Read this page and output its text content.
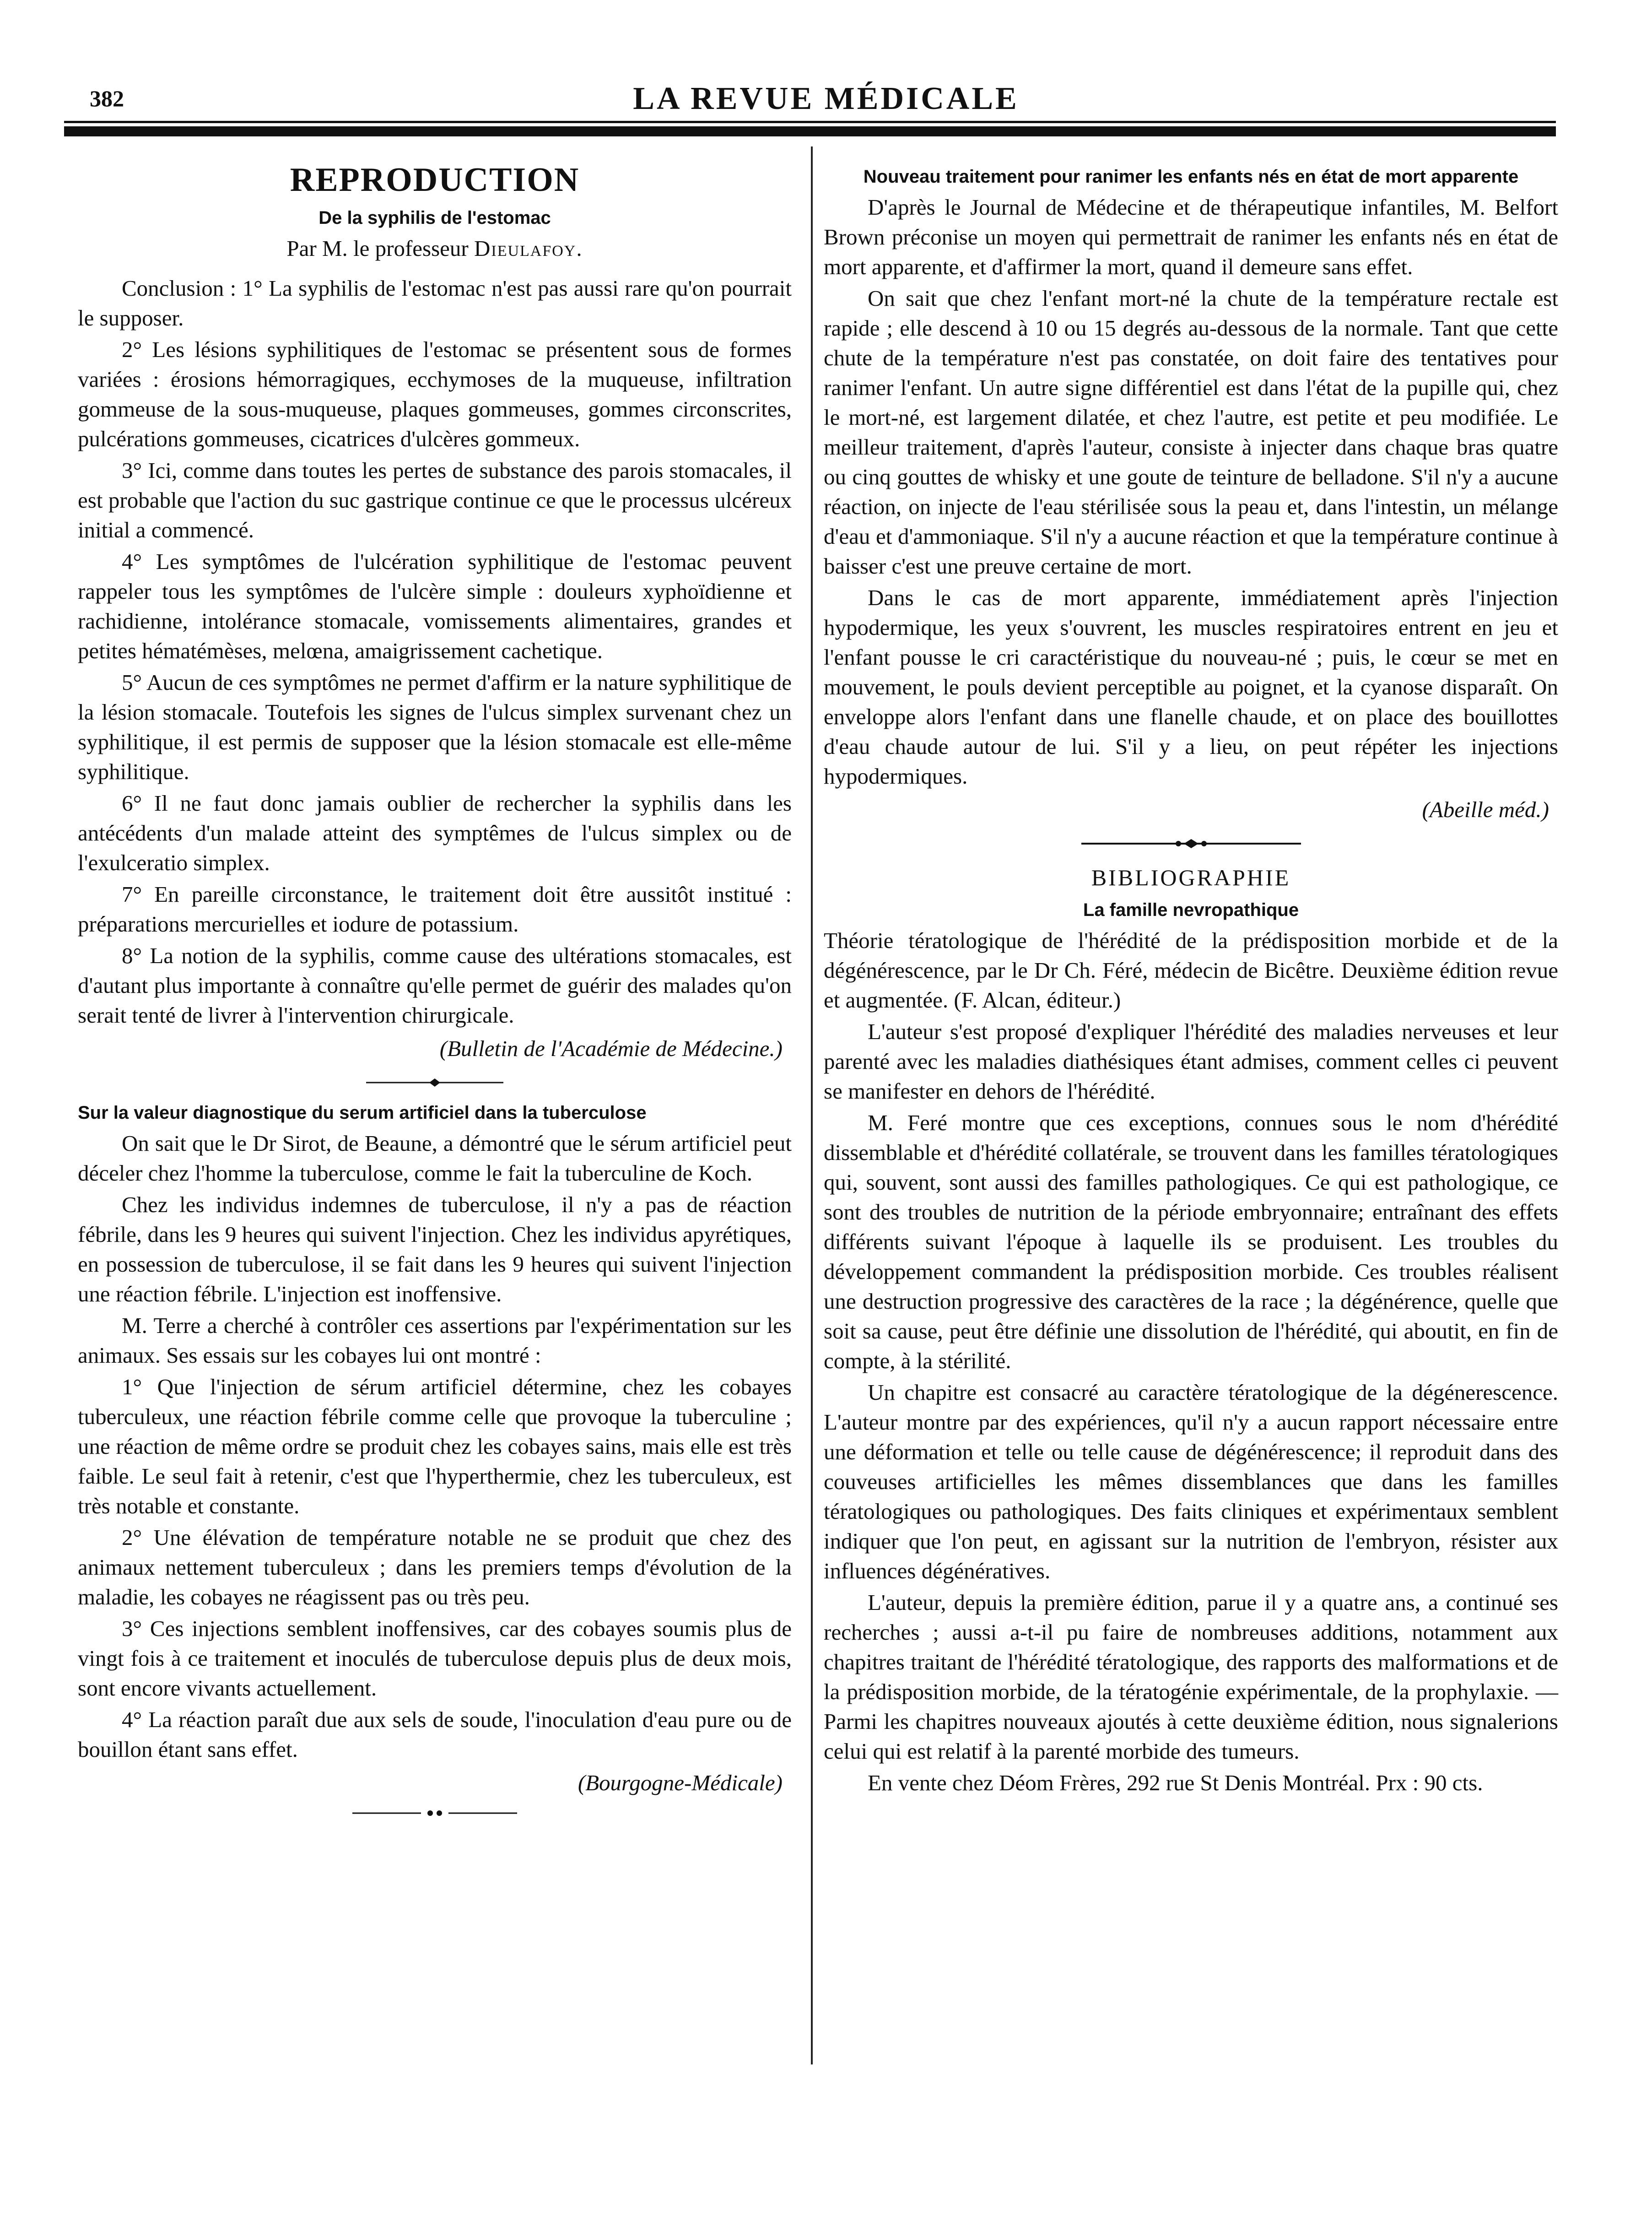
382	LA REVUE MÉDICALE
REPRODUCTION
De la syphilis de l'estomac
Par M. le professeur Dieulafoy.

Conclusion : 1° La syphilis de l'estomac n'est pas aussi rare qu'on pourrait le supposer.

2° Les lésions syphilitiques de l'estomac se présentent sous de formes variées : érosions hémorragiques, ecchymoses de la muqueuse, infiltration gommeuse de la sous-muqueuse, plaques gommeuses, gommes circonscrites, pulcérations gommeuses, cicatrices d'ulcères gommeux.

3° Ici, comme dans toutes les pertes de substance des parois stomacales, il est probable que l'action du suc gastrique continue ce que le processus ulcéreux initial a commencé.

4° Les symptômes de l'ulcération syphilitique de l'estomac peuvent rappeler tous les symptômes de l'ulcère simple : douleurs xyphoïdienne et rachidienne, intolérance stomacale, vomissements alimentaires, grandes et petites hématémèses, melœna, amaigrissement cachetique.

5° Aucun de ces symptômes ne permet d'affirm er la nature syphilitique de la lésion stomacale. Toutefois les signes de l'ulcus simplex survenant chez un syphilitique, il est permis de supposer que la lésion stomacale est elle-même syphilitique.

6° Il ne faut donc jamais oublier de rechercher la syphilis dans les antécédents d'un malade atteint des symptêmes de l'ulcus simplex ou de l'exulceratio simplex.

7° En pareille circonstance, le traitement doit être aussitôt institué : préparations mercurielles et iodure de potassium.

8° La notion de la syphilis, comme cause des ultérations stomacales, est d'autant plus importante à connaître qu'elle permet de guérir des malades qu'on serait tenté de livrer à l'intervention chirurgicale.

(Bulletin de l'Académie de Médecine.)
Sur la valeur diagnostique du serum artificiel dans la tuberculose

On sait que le Dr Sirot, de Beaune, a démontré que le sérum artificiel peut déceler chez l'homme la tuberculose, comme le fait la tuberculine de Koch.

Chez les individus indemnes de tuberculose, il n'y a pas de réaction fébrile, dans les 9 heures qui suivent l'injection. Chez les individus apyrétiques, en possession de tuberculose, il se fait dans les 9 heures qui suivent l'injection une réaction fébrile. L'injection est inoffensive.

M. Terre a cherché à contrôler ces assertions par l'expérimentation sur les animaux. Ses essais sur les cobayes lui ont montré :

1° Que l'injection de sérum artificiel détermine, chez les cobayes tuberculeux, une réaction fébrile comme celle que provoque la tuberculine ; une réaction de même ordre se produit chez les cobayes sains, mais elle est très faible. Le seul fait à retenir, c'est que l'hyperthermie, chez les tuberculeux, est très notable et constante.

2° Une élévation de température notable ne se produit que chez des animaux nettement tuberculeux ; dans les premiers temps d'évolution de la maladie, les cobayes ne réagissent pas ou très peu.

3° Ces injections semblent inoffensives, car des cobayes soumis plus de vingt fois à ce traitement et inoculés de tuberculose depuis plus de deux mois, sont encore vivants actuellement.

4° La réaction paraît due aux sels de soude, l'inoculation d'eau pure ou de bouillon étant sans effet.

(Bourgogne-Médicale)
Nouveau traitement pour ranimer les enfants nés en état de mort apparente

D'après le Journal de Médecine et de thérapeutique infantiles, M. Belfort Brown préconise un moyen qui permettrait de ranimer les enfants nés en état de mort apparente, et d'affirmer la mort, quand il demeure sans effet.

On sait que chez l'enfant mort-né la chute de la température rectale est rapide ; elle descend à 10 ou 15 degrés au-dessous de la normale. Tant que cette chute de la température n'est pas constatée, on doit faire des tentatives pour ranimer l'enfant. Un autre signe différentiel est dans l'état de la pupille qui, chez le mort-né, est largement dilatée, et chez l'autre, est petite et peu modifiée. Le meilleur traitement, d'après l'auteur, consiste à injecter dans chaque bras quatre ou cinq gouttes de whisky et une goute de teinture de belladone. S'il n'y a aucune réaction, on injecte de l'eau stérilisée sous la peau et, dans l'intestin, un mélange d'eau et d'ammoniaque. S'il n'y a aucune réaction et que la température continue à baisser c'est une preuve certaine de mort.

Dans le cas de mort apparente, immédiatement après l'injection hypodermique, les yeux s'ouvrent, les muscles respiratoires entrent en jeu et l'enfant pousse le cri caractéristique du nouveau-né ; puis, le cœur se met en mouvement, le pouls devient perceptible au poignet, et la cyanose disparaît. On enveloppe alors l'enfant dans une flanelle chaude, et on place des bouillottes d'eau chaude autour de lui. S'il y a lieu, on peut répéter les injections hypodermiques.

(Abeille méd.)
BIBLIOGRAPHIE
La famille nevropathique

Théorie tératologique de l'hérédité de la prédisposition morbide et de la dégénérescence, par le Dr Ch. Féré, médecin de Bicêtre. Deuxième édition revue et augmentée. (F. Alcan, éditeur.)

L'auteur s'est proposé d'expliquer l'hérédité des maladies nerveuses et leur parenté avec les maladies diathésiques étant admises, comment celles ci peuvent se manifester en dehors de l'hérédité.

M. Feré montre que ces exceptions, connues sous le nom d'hérédité dissemblable et d'hérédité collatérale, se trouvent dans les familles tératologiques qui, souvent, sont aussi des familles pathologiques. Ce qui est pathologique, ce sont des troubles de nutrition de la période embryonnaire; entraînant des effets différents suivant l'époque à laquelle ils se produisent. Les troubles du développement commandent la prédisposition morbide. Ces troubles réalisent une destruction progressive des caractères de la race ; la dégénérence, quelle que soit sa cause, peut être définie une dissolution de l'hérédité, qui aboutit, en fin de compte, à la stérilité.

Un chapitre est consacré au caractère tératologique de la dégénerescence. L'auteur montre par des expériences, qu'il n'y a aucun rapport nécessaire entre une déformation et telle ou telle cause de dégénérescence; il reproduit dans des couveuses artificielles les mêmes dissemblances que dans les familles tératologiques ou pathologiques. Des faits cliniques et expérimentaux semblent indiquer que l'on peut, en agissant sur la nutrition de l'embryon, résister aux influences dégénératives.

L'auteur, depuis la première édition, parue il y a quatre ans, a continué ses recherches ; aussi a-t-il pu faire de nombreuses additions, notamment aux chapitres traitant de l'hérédité tératologique, des rapports des malformations et de la prédisposition morbide, de la tératogénie expérimentale, de la prophylaxie. — Parmi les chapitres nouveaux ajoutés à cette deuxième édition, nous signalerions celui qui est relatif à la parenté morbide des tumeurs.

En vente chez Déom Frères, 292 rue St Denis Montréal. Prx : 90 cts.
